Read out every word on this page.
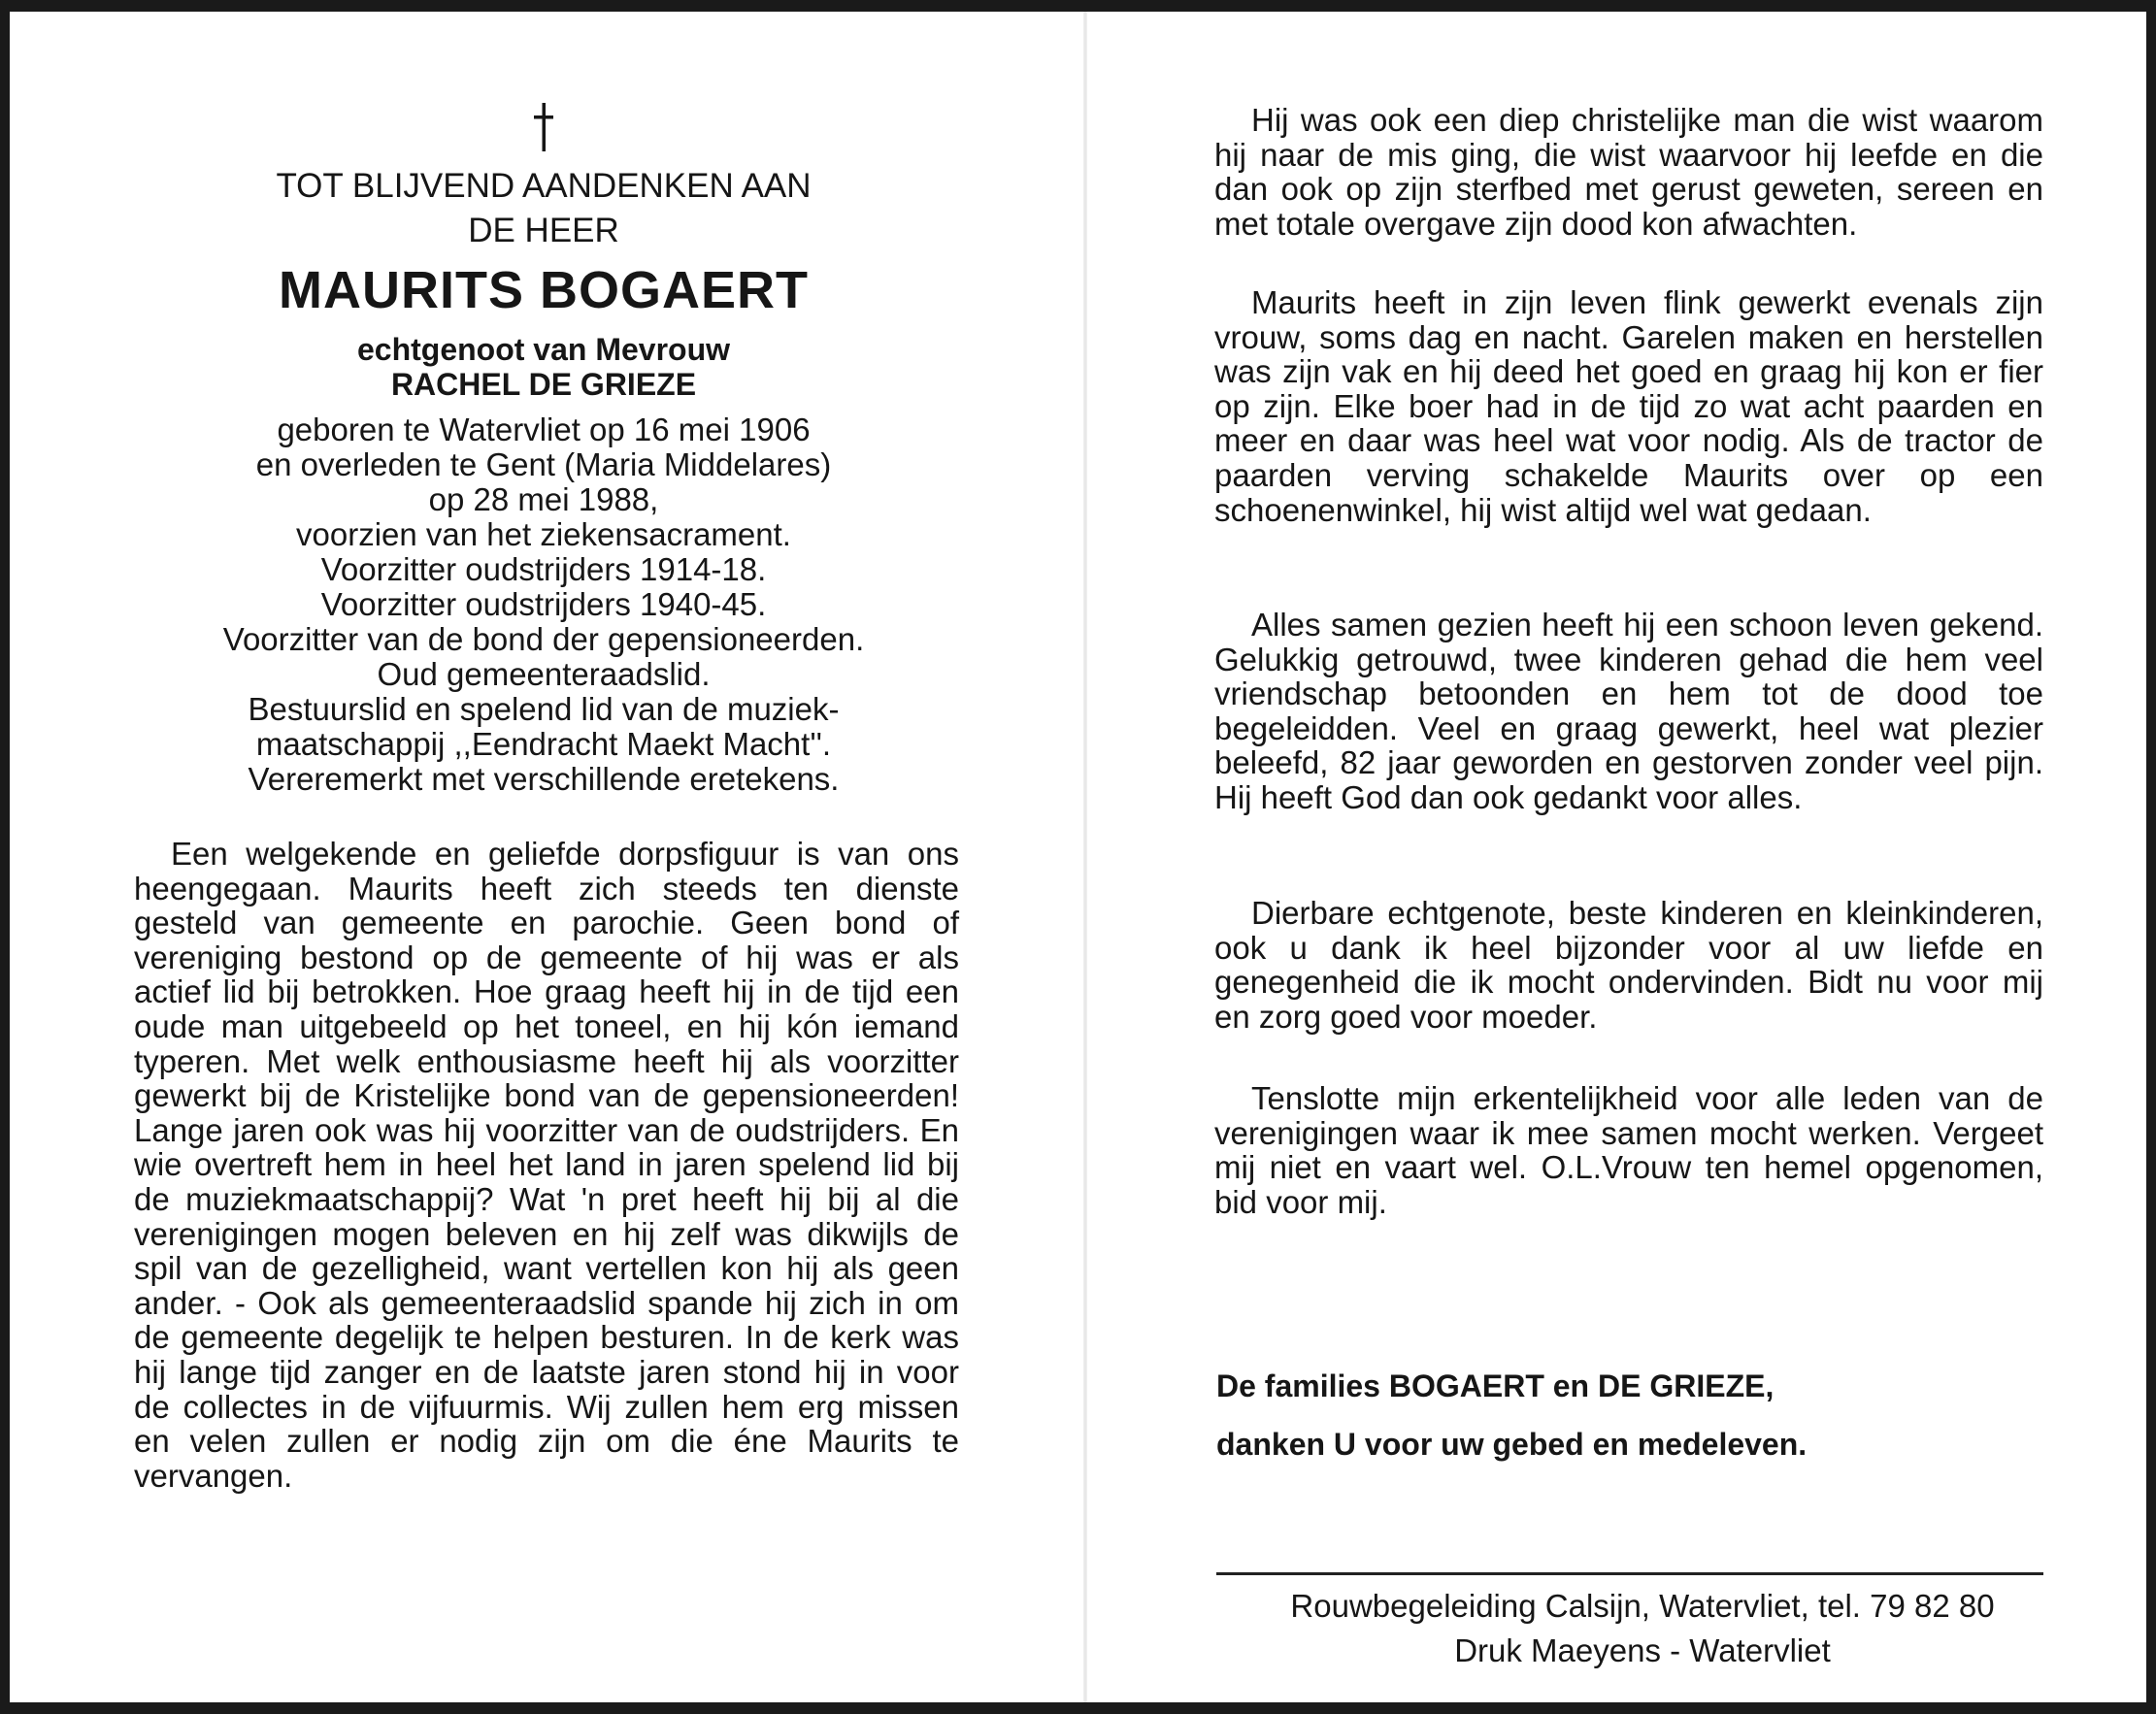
TOT BLIJVEND AANDENKEN AAN
DE HEER
MAURITS BOGAERT
echtgenoot van Mevrouw
RACHEL DE GRIEZE
geboren te Watervliet op 16 mei 1906
en overleden te Gent (Maria Middelares)
op 28 mei 1988,
voorzien van het ziekensacrament.
Voorzitter oudstrijders 1914-18.
Voorzitter oudstrijders 1940-45.
Voorzitter van de bond der gepensioneerden.
Oud gemeenteraadslid.
Bestuurslid en spelend lid van de muziek-
maatschappij ,,Eendracht Maekt Macht''.
Vereremerkt met verschillende eretekens.

Een welgekende en geliefde dorpsfiguur is van ons heengegaan. Maurits heeft zich steeds ten dienste gesteld van gemeente en parochie. Geen bond of vereniging bestond op de gemeente of hij was er als actief lid bij betrokken. Hoe graag heeft hij in de tijd een oude man uitgebeeld op het toneel, en hij kón iemand typeren. Met welk enthousiasme heeft hij als voorzitter gewerkt bij de Kristelijke bond van de gepensioneerden! Lange jaren ook was hij voorzitter van de oudstrijders. En wie overtreft hem in heel het land in jaren spelend lid bij de muziekmaatschappij? Wat 'n pret heeft hij bij al die verenigingen mogen beleven en hij zelf was dikwijls de spil van de gezelligheid, want vertellen kon hij als geen ander. - Ook als gemeenteraadslid spande hij zich in om de gemeente degelijk te helpen besturen. In de kerk was hij lange tijd zanger en de laatste jaren stond hij in voor de collectes in de vijfuurmis. Wij zullen hem erg missen en velen zullen er nodig zijn om die éne Maurits te vervangen.

Hij was ook een diep christelijke man die wist waarom hij naar de mis ging, die wist waarvoor hij leefde en die dan ook op zijn sterfbed met gerust geweten, sereen en met totale overgave zijn dood kon afwachten.

Maurits heeft in zijn leven flink gewerkt evenals zijn vrouw, soms dag en nacht. Garelen maken en herstellen was zijn vak en hij deed het goed en graag hij kon er fier op zijn. Elke boer had in de tijd zo wat acht paarden en meer en daar was heel wat voor nodig. Als de tractor de paarden verving schakelde Maurits over op een schoenenwinkel, hij wist altijd wel wat gedaan.

Alles samen gezien heeft hij een schoon leven gekend. Gelukkig getrouwd, twee kinderen gehad die hem veel vriendschap betoonden en hem tot de dood toe begeleidden. Veel en graag gewerkt, heel wat plezier beleefd, 82 jaar geworden en gestorven zonder veel pijn. Hij heeft God dan ook gedankt voor alles.

Dierbare echtgenote, beste kinderen en kleinkinderen, ook u dank ik heel bijzonder voor al uw liefde en genegenheid die ik mocht ondervinden. Bidt nu voor mij en zorg goed voor moeder.

Tenslotte mijn erkentelijkheid voor alle leden van de verenigingen waar ik mee samen mocht werken. Vergeet mij niet en vaart wel. O.L.Vrouw ten hemel opgenomen, bid voor mij.

De families BOGAERT en DE GRIEZE,
danken U voor uw gebed en medeleven.
Rouwbegeleiding Calsijn, Watervliet, tel. 79 82 80
Druk Maeyens - Watervliet
